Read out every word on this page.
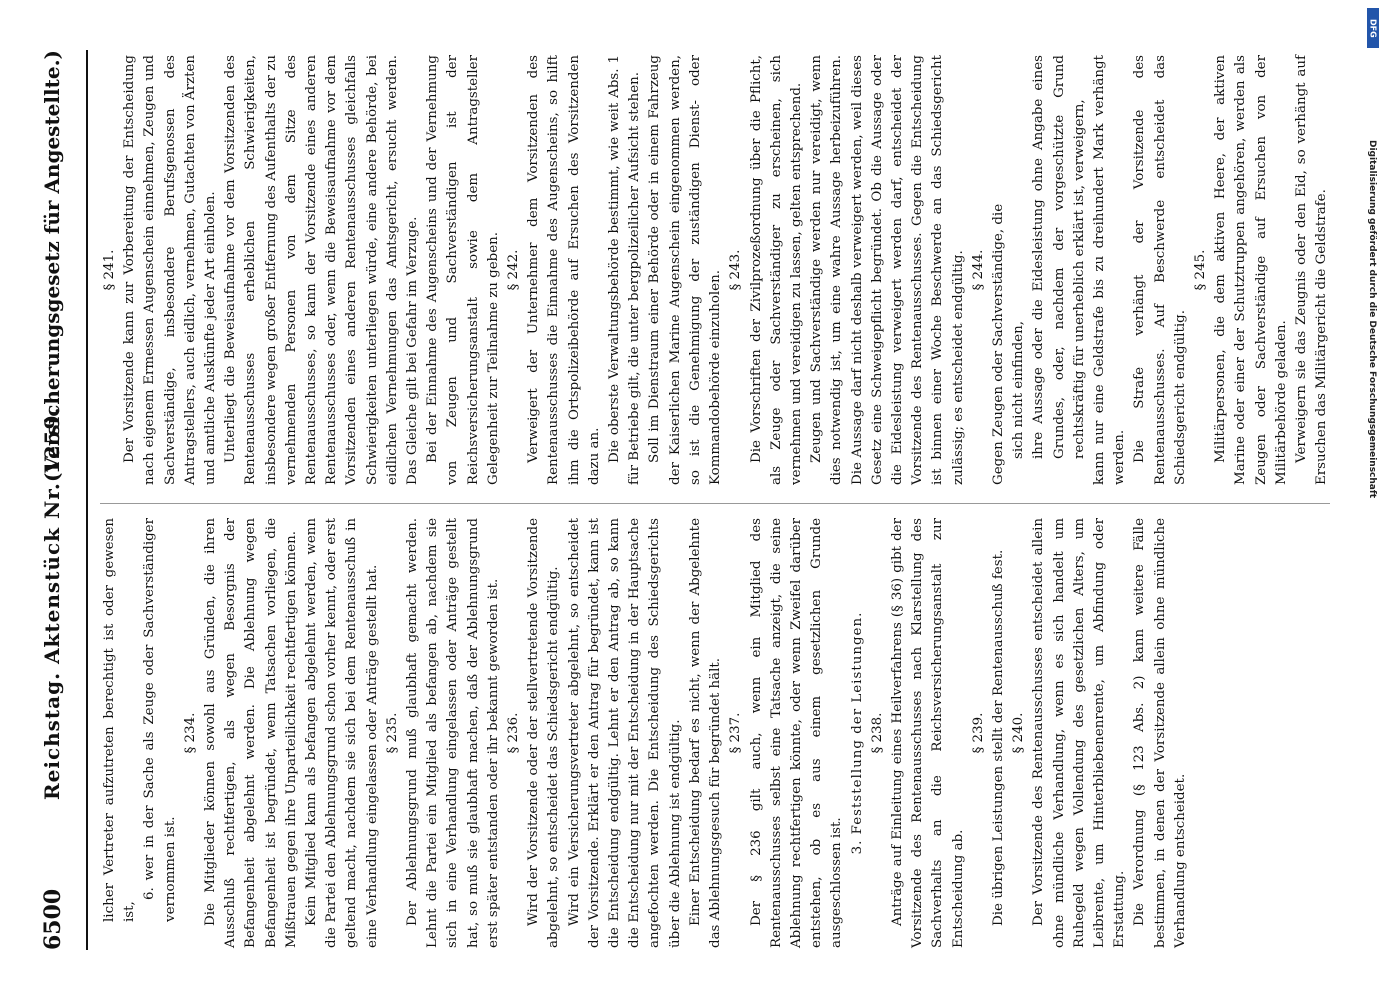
6500
Reichstag. Aktenstück Nr. 1259.
(Versicherungsgesetz für Angestellte.)

licher Vertreter aufzutreten berechtigt ist oder gewesen ist,

6. wer in der Sache als Zeuge oder Sachverständiger vernommen ist.

§ 234. Die Mitglieder können sowohl aus Gründen, die ihren Ausschluß rechtfertigen, als wegen Besorgnis der Befangenheit abgelehnt werden. Die Ablehnung wegen Befangenheit ist begründet, wenn Tatsachen vorliegen, die Mißtrauen gegen ihre Unparteilichkeit rechtfertigen können. Kein Mitglied kann als befangen abgelehnt werden, wenn die Partei den Ablehnungsgrund schon vorher kennt, oder erst geltend macht, nachdem sie sich bei dem Rentenausschuß in eine Verhandlung eingelassen oder Anträge gestellt hat. § 235. Der Ablehnungsgrund muß glaubhaft gemacht werden. Lehnt die Partei ein Mitglied als befangen ab, nachdem sie sich in eine Verhandlung eingelassen oder Anträge gestellt hat, so muß sie glaubhaft machen, daß der Ablehnungsgrund erst später entstanden oder ihr bekannt geworden ist. § 236. Wird der Vorsitzende oder der stellvertretende Vorsitzende abgelehnt, so entscheidet das Schiedsgericht endgültig. Wird ein Versicherungsvertreter abgelehnt, so entscheidet der Vorsitzende. Erklärt er den Antrag für begründet, kann ist die Entscheidung endgültig. Lehnt er den Antrag ab, so kann die Entscheidung nur mit der Entscheidung in der Hauptsache angefochten werden. Die Entscheidung des Schiedsgerichts über die Ablehnung ist endgültig. Einer Entscheidung bedarf es nicht, wenn der Abgelehnte das Ablehnungsgesuch für begründet hält. § 237. Der § 236 gilt auch, wenn ein Mitglied des Rentenausschusses selbst eine Tatsache anzeigt, die seine Ablehnung rechtfertigen könnte, oder wenn Zweifel darüber entstehen, ob es aus einem gesetzlichen Grunde ausgeschlossen ist.

3. Feststellung der Leistungen. § 238. Anträge auf Einleitung eines Heilverfahrens (§ 36) gibt der Vorsitzende des Rentenausschusses nach Klarstellung des Sachverhalts an die Reichsversicherungsanstalt zur Entscheidung ab.

§ 239. Die übrigen Leistungen stellt der Rentenausschuß fest. § 240. Der Vorsitzende des Rentenausschusses entscheidet allein ohne mündliche Verhandlung, wenn es sich handelt um Ruhegeld wegen Vollendung des gesetzlichen Alters, um Leibrente, um Hinterbliebenenrente, um Abfindung oder Erstattung. Die Verordnung (§ 123 Abs. 2) kann weitere Fälle bestimmen, in denen der Vorsitzende allein ohne mündliche Verhandlung entscheidet.

§ 241. Der Vorsitzende kann zur Vorbereitung der Entscheidung nach eigenem Ermessen Augenschein einnehmen, Zeugen und Sachverständige, insbesondere Berufsgenossen des Antragstellers, auch eidlich, vernehmen, Gutachten von Ärzten und amtliche Auskünfte jeder Art einholen. Unterliegt die Beweisaufnahme vor dem Vorsitzenden des Rentenausschusses erheblichen Schwierigkeiten, insbesondere wegen großer Entfernung des Aufenthalts der zu vernehmenden Personen von dem Sitze des Rentenausschusses, so kann der Vorsitzende eines anderen Rentenausschusses oder, wenn die Beweisaufnahme vor dem Vorsitzenden eines anderen Rentenausschusses gleichfalls Schwierigkeiten unterliegen würde, eine andere Behörde, bei eidlichen Vernehmungen das Amtsgericht, ersucht werden. Das Gleiche gilt bei Gefahr im Verzuge. Bei der Einnahme des Augenscheins und der Vernehmung von Zeugen und Sachverständigen ist der Reichsversicherungsanstalt sowie dem Antragsteller Gelegenheit zur Teilnahme zu geben. § 242. Verweigert der Unternehmer dem Vorsitzenden des Rentenausschusses die Einnahme des Augenscheins, so hilft ihm die Ortspolizeibehörde auf Ersuchen des Vorsitzenden dazu an. Die oberste Verwaltungsbehörde bestimmt, wie weit Abs. 1 für Betriebe gilt, die unter bergpolizeilicher Aufsicht stehen. Soll im Dienstraum einer Behörde oder in einem Fahrzeug der Kaiserlichen Marine Augenschein eingenommen werden, so ist die Genehmigung der zuständigen Dienst- oder Kommandobehörde einzuholen.

§ 243. Die Vorschriften der Zivilprozeßordnung über die Pflicht, als Zeuge oder Sachverständiger zu erscheinen, sich vernehmen und vereidigen zu lassen, gelten entsprechend. Zeugen und Sachverständige werden nur vereidigt, wenn dies notwendig ist, um eine wahre Aussage herbeizuführen. Die Aussage darf nicht deshalb verweigert werden, weil dieses Gesetz eine Schweigepflicht begründet. Ob die Aussage oder die Eidesleistung verweigert werden darf, entscheidet der Vorsitzende des Rentenausschusses. Gegen die Entscheidung ist binnen einer Woche Beschwerde an das Schiedsgericht zulässig; es entscheidet endgültig. § 244. Gegen Zeugen oder Sachverständige, die sich nicht einfinden, ihre Aussage oder die Eidesleistung ohne Angabe eines Grundes, oder, nachdem der vorgeschützte Grund rechtskräftig für unerheblich erklärt ist, verweigern, kann nur eine Geldstrafe bis zu dreihundert Mark verhängt werden. Die Strafe verhängt der Vorsitzende des Rentenausschusses. Auf Beschwerde entscheidet das Schiedsgericht endgültig.

§ 245. Militärpersonen, die dem aktiven Heere, der aktiven Marine oder einer der Schutztruppen angehören, werden als Zeugen oder Sachverständige auf Ersuchen von der Militärbehörde geladen. Verweigern sie das Zeugnis oder den Eid, so verhängt auf Ersuchen das Militärgericht die Geldstrafe.	Digitalisierung gefördert durch die Deutsche Forschungsgemeinschaft
DFG
